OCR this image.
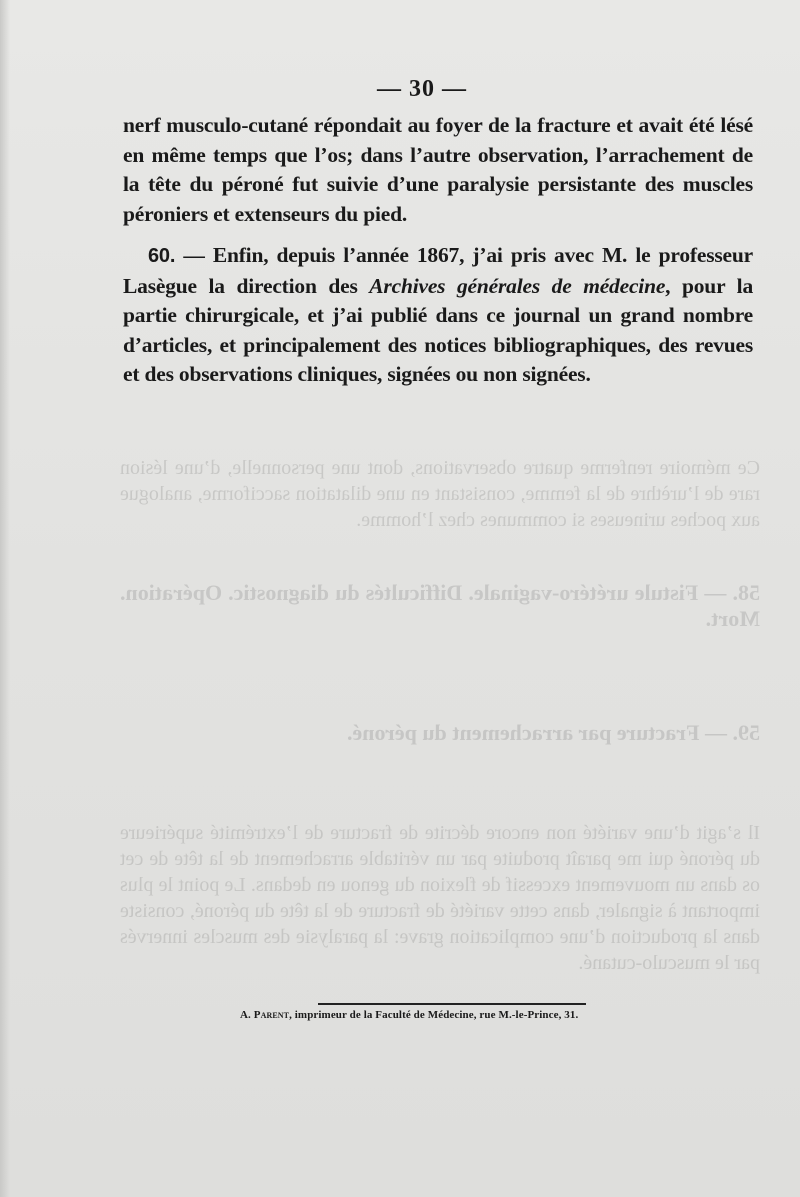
Ce mémoire renferme quatre observations, dont une personnelle, d’une lésion rare de l’urèthre de la femme, consistant en une dilatation sacciforme, analogue aux poches urineuses si communes chez l’homme.
58. — Fistule urétéro-vaginale. Difficultés du diagnostic. Opération. Mort.
59. — Fracture par arrachement du péroné.
Il s’agit d’une variété non encore décrite de fracture de l’extrémité supérieure du péroné qui me paraît produite par un véritable arrachement de la tête de cet os dans un mouvement excessif de flexion du genou en dedans. Le point le plus important à signaler, dans cette variété de fracture de la tête du péroné, consiste dans la production d’une complication grave: la paralysie des muscles innervés par le musculo-cutané.
— 30 —

nerf musculo-cutané répondait au foyer de la fracture et avait été lésé en même temps que l’os; dans l’autre observation, l’arrachement de la tête du péroné fut suivie d’une paralysie persistante des muscles péroniers et extenseurs du pied.

60. — Enfin, depuis l’année 1867, j’ai pris avec M. le professeur Lasègue la direction des Archives générales de médecine, pour la partie chirurgicale, et j’ai publié dans ce journal un grand nombre d’articles, et principalement des notices bibliographiques, des revues et des observations cliniques, signées ou non signées.

A. Parent, imprimeur de la Faculté de Médecine, rue M.-le-Prince, 31.
